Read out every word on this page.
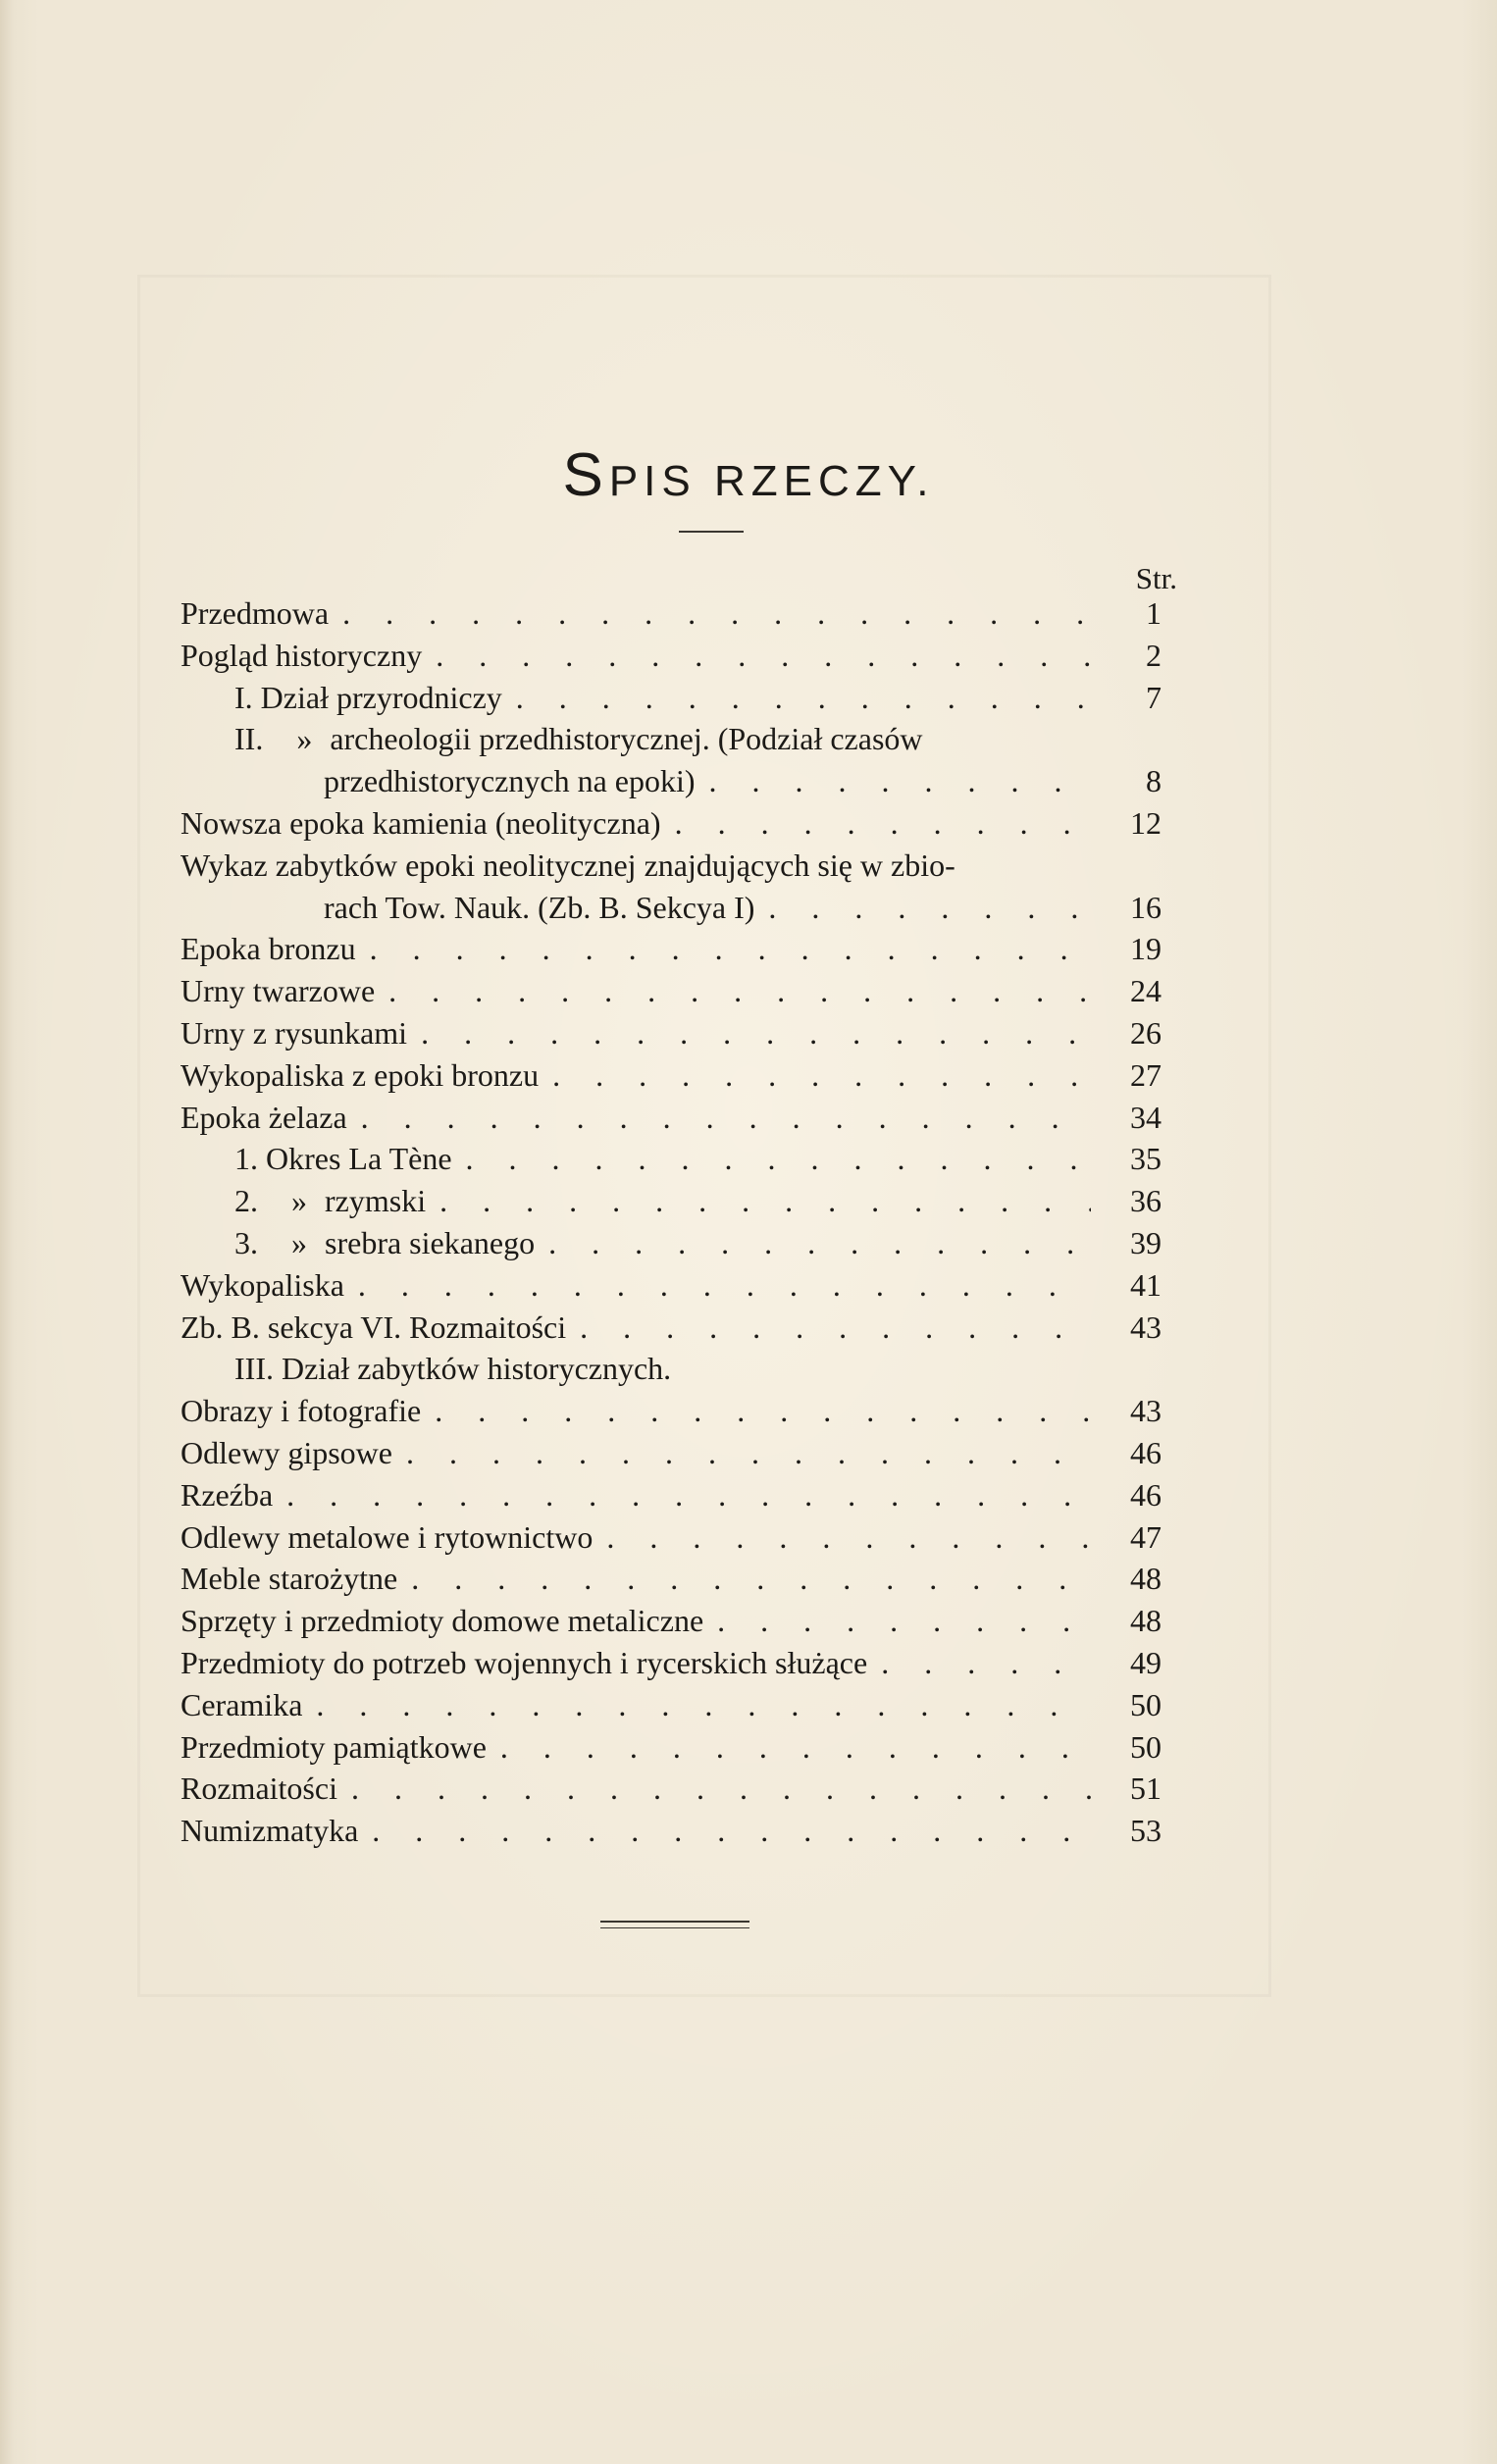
SPIS RZECZY.
Str.
Przedmowa . . .	1
Pogląd historyczny . . .	2
I. Dział przyrodniczy . . .	7
II. » archeologii przedhistorycznej. (Podział czasów
przedhistorycznych na epoki) . . .	8
Nowsza epoka kamienia (neolityczna) . . .	12
Wykaz zabytków epoki neolitycznej znajdujących się w zbio-
rach Tow. Nauk. (Zb. B. Sekcya I) . . .	16
Epoka bronzu . . .	19
Urny twarzowe . . .	24
Urny z rysunkami . . .	26
Wykopaliska z epoki bronzu . . .	27
Epoka żelaza . . .	34
1. Okres La Tène . . .	35
2. » rzymski . . .	36
3. » srebra siekanego . . .	39
Wykopaliska . . .	41
Zb. B. sekcya VI. Rozmaitości . . .	43
III. Dział zabytków historycznych.
Obrazy i fotografie . . .	43
Odlewy gipsowe . . .	46
Rzeźba . . .	46
Odlewy metalowe i rytownictwo . . .	47
Meble starożytne . . .	48
Sprzęty i przedmioty domowe metaliczne . . .	48
Przedmioty do potrzeb wojennych i rycerskich służące . . .	49
Ceramika . . .	50
Przedmioty pamiątkowe . . .	50
Rozmaitości . . .	51
Numizmatyka . . .	53
